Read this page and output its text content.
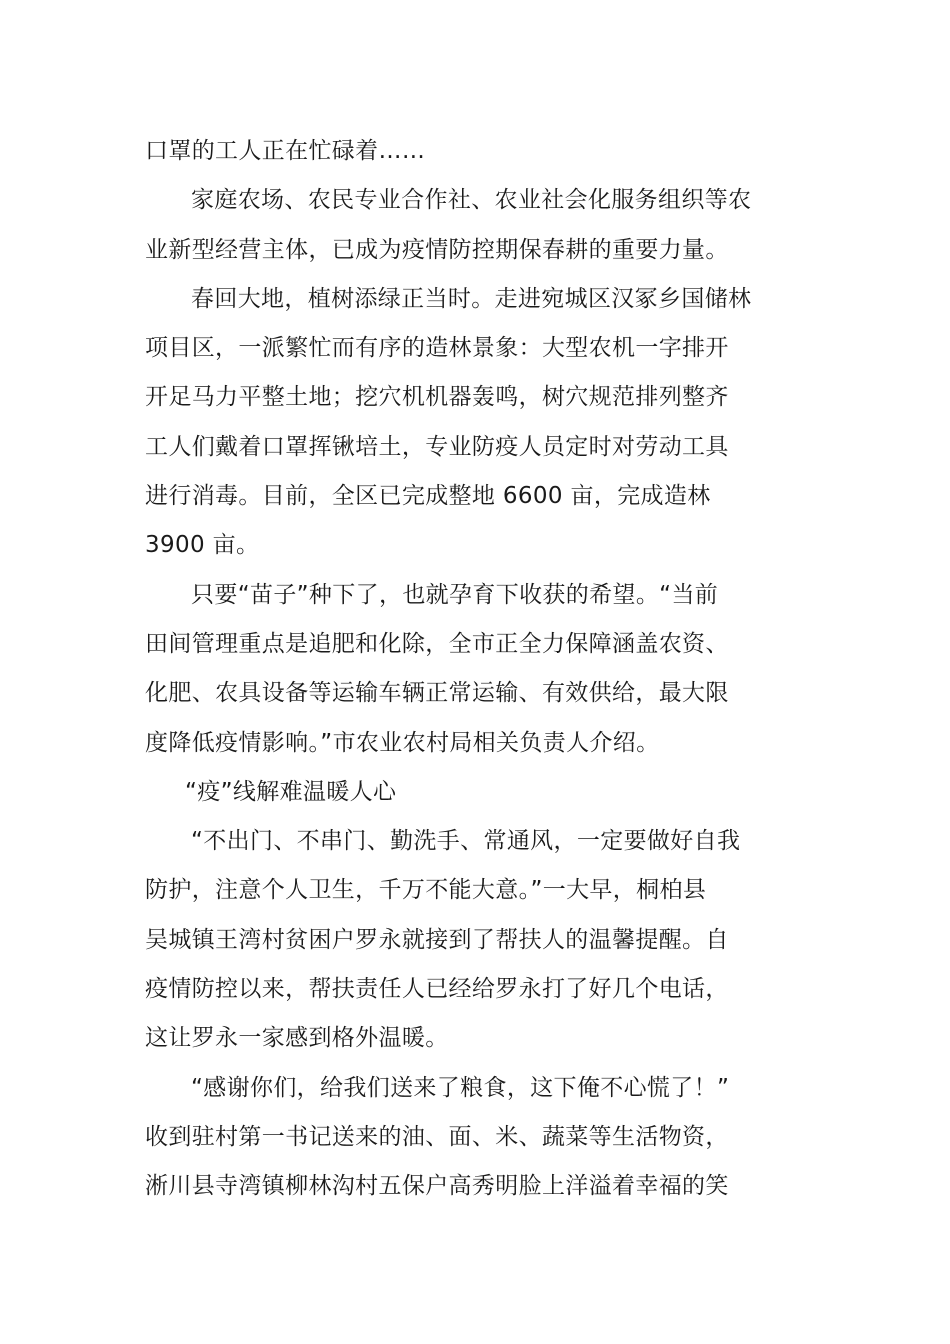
口罩的工人正在忙碌着……
家庭农场、农民专业合作社、农业社会化服务组织等农
业新型经营主体，已成为疫情防控期保春耕的重要力量。
春回大地，植树添绿正当时。走进宛城区汉冢乡国储林
项目区，一派繁忙而有序的造林景象：大型农机一字排开
开足马力平整土地；挖穴机机器轰鸣，树穴规范排列整齐
工人们戴着口罩挥锹培土，专业防疫人员定时对劳动工具
进行消毒。目前，全区已完成整地 6600 亩，完成造林
3900 亩。
只要“苗子”种下了，也就孕育下收获的希望。“当前
田间管理重点是追肥和化除，全市正全力保障涵盖农资、
化肥、农具设备等运输车辆正常运输、有效供给，最大限
度降低疫情影响。”市农业农村局相关负责人介绍。
“疫”线解难温暖人心
“不出门、不串门、勤洗手、常通风，一定要做好自我
防护，注意个人卫生，千万不能大意。”一大早，桐柏县
吴城镇王湾村贫困户罗永就接到了帮扶人的温馨提醒。自
疫情防控以来，帮扶责任人已经给罗永打了好几个电话，
这让罗永一家感到格外温暖。
“感谢你们，给我们送来了粮食，这下俺不心慌了！”
收到驻村第一书记送来的油、面、米、蔬菜等生活物资，
淅川县寺湾镇柳林沟村五保户高秀明脸上洋溢着幸福的笑
